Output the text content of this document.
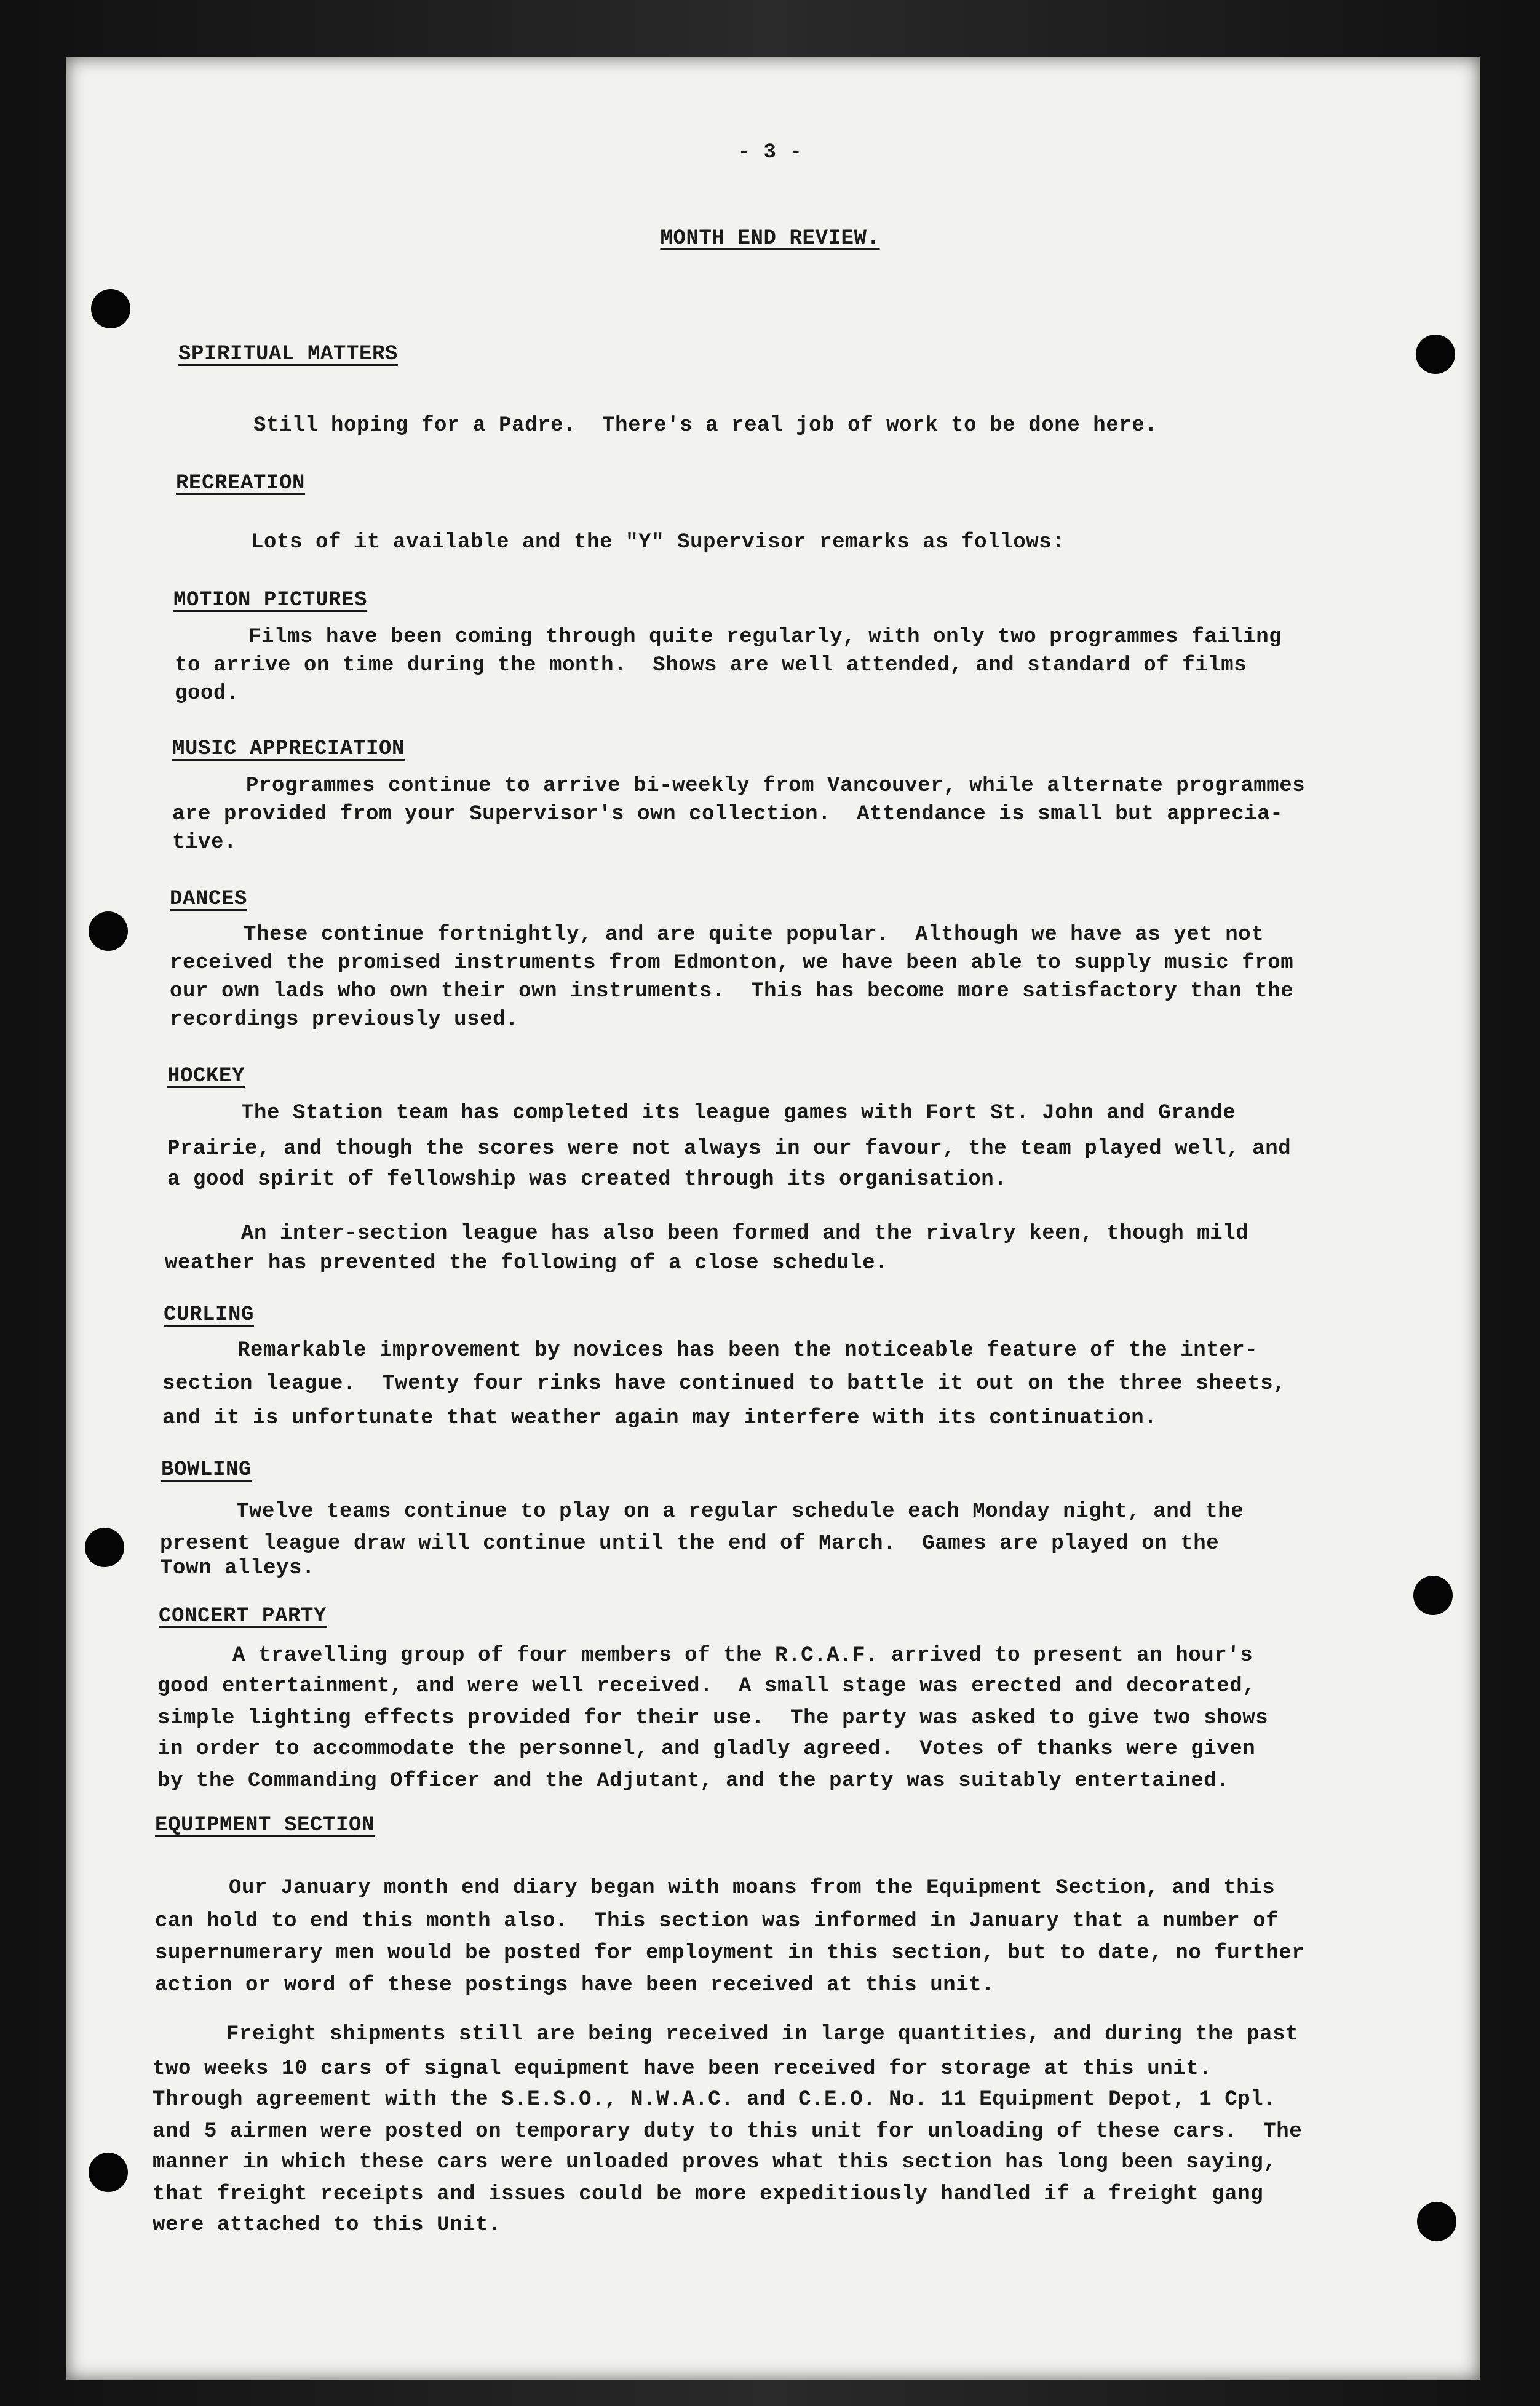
- 3 -
MONTH END REVIEW.
SPIRITUAL MATTERS
Still hoping for a Padre.  There's a real job of work to be done here.
RECREATION
Lots of it available and the "Y" Supervisor remarks as follows:
MOTION PICTURES
Films have been coming through quite regularly, with only two programmes failing
to arrive on time during the month.  Shows are well attended, and standard of films
good.
MUSIC APPRECIATION
Programmes continue to arrive bi-weekly from Vancouver, while alternate programmes
are provided from your Supervisor's own collection.  Attendance is small but apprecia-
tive.
DANCES
These continue fortnightly, and are quite popular.  Although we have as yet not
received the promised instruments from Edmonton, we have been able to supply music from
our own lads who own their own instruments.  This has become more satisfactory than the
recordings previously used.
HOCKEY
The Station team has completed its league games with Fort St. John and Grande
Prairie, and though the scores were not always in our favour, the team played well, and
a good spirit of fellowship was created through its organisation.
An inter-section league has also been formed and the rivalry keen, though mild
weather has prevented the following of a close schedule.
CURLING
Remarkable improvement by novices has been the noticeable feature of the inter-
section league.  Twenty four rinks have continued to battle it out on the three sheets,
and it is unfortunate that weather again may interfere with its continuation.
BOWLING
Twelve teams continue to play on a regular schedule each Monday night, and the
present league draw will continue until the end of March.  Games are played on the
Town alleys.
CONCERT PARTY
A travelling group of four members of the R.C.A.F. arrived to present an hour's
good entertainment, and were well received.  A small stage was erected and decorated,
simple lighting effects provided for their use.  The party was asked to give two shows
in order to accommodate the personnel, and gladly agreed.  Votes of thanks were given
by the Commanding Officer and the Adjutant, and the party was suitably entertained.
EQUIPMENT SECTION
Our January month end diary began with moans from the Equipment Section, and this
can hold to end this month also.  This section was informed in January that a number of
supernumerary men would be posted for employment in this section, but to date, no further
action or word of these postings have been received at this unit.
Freight shipments still are being received in large quantities, and during the past
two weeks 10 cars of signal equipment have been received for storage at this unit.
Through agreement with the S.E.S.O., N.W.A.C. and C.E.O. No. 11 Equipment Depot, 1 Cpl.
and 5 airmen were posted on temporary duty to this unit for unloading of these cars.  The
manner in which these cars were unloaded proves what this section has long been saying,
that freight receipts and issues could be more expeditiously handled if a freight gang
were attached to this Unit.
